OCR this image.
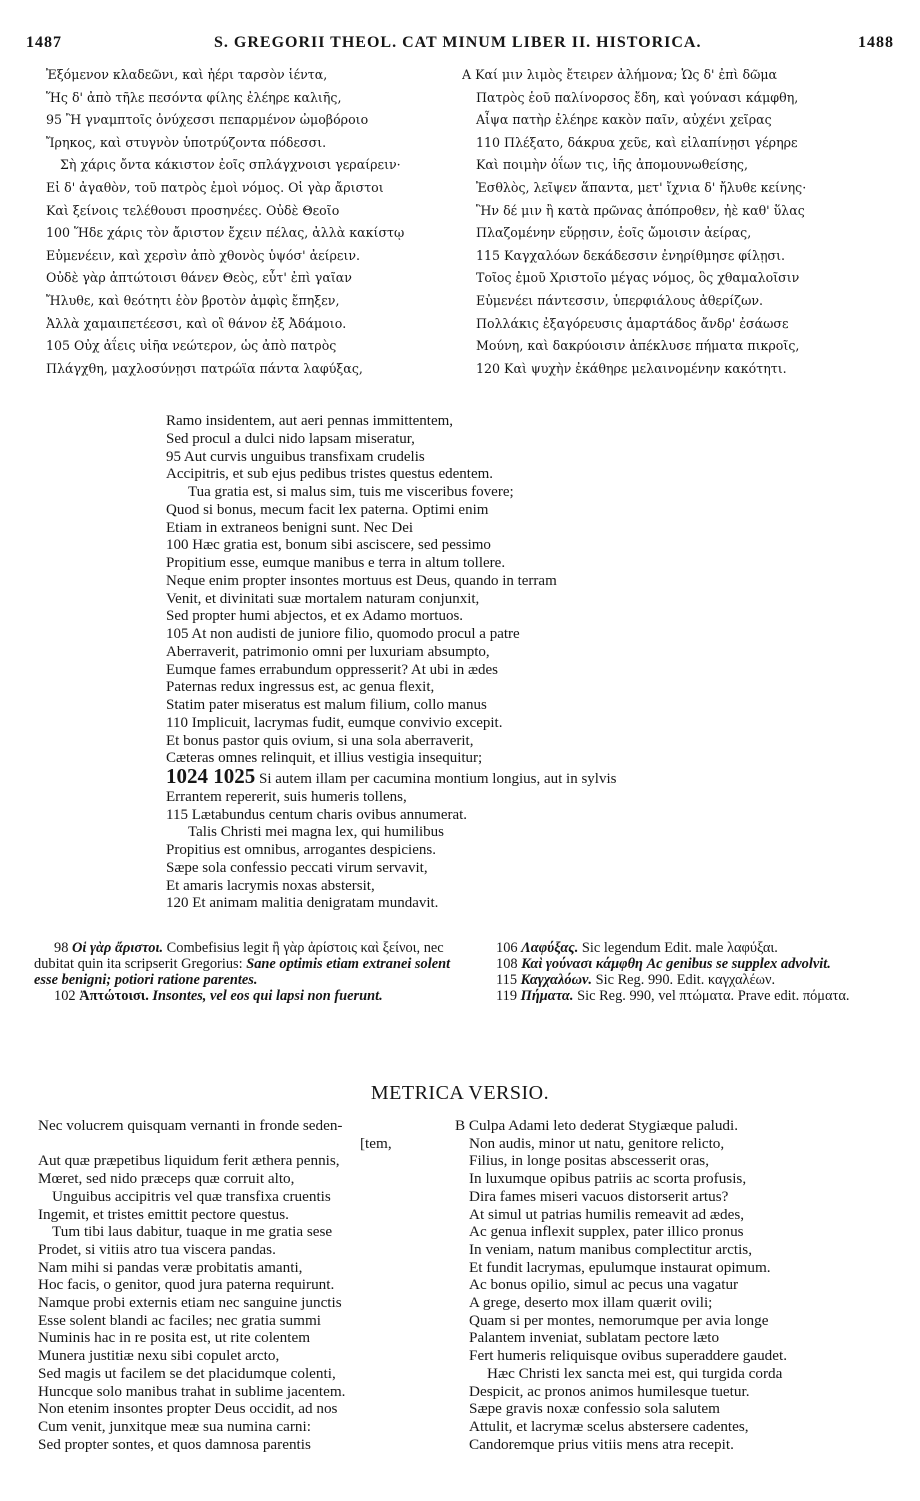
1487	S. GREGORII THEOL. CAT MINUM LIBER II. HISTORICA.	1488
Ἐξόμενον κλαδεῶνι, καὶ ἠέρι ταρσὸν ἱέντα,
Ἥς δ' ἀπὸ τῆλε πεσόντα φίλης ἐλέηρε καλιῆς,
95 Ἢ γναμπτοῖς ὀνύχεσσι πεπαρμένον ὠμοβόροιο
Ἴρηκος, καὶ στυγνὸν ὑποτρύζοντα πόδεσσι.
Σὴ χάρις ὄντα κάκιστον ἐοῖς σπλάγχνοισι γεραίρειν·
Εἰ δ' ἀγαθὸν, τοῦ πατρὸς ἐμοὶ νόμος. Οἱ γὰρ ἄριστοι
Καὶ ξείνοις τελέθουσι προσηνέες. Οὐδὲ Θεοῖο
100 Ἥδε χάρις τὸν ἄριστον ἔχειν πέλας, ἀλλὰ κακίστῳ
Εὐμενέειν, καὶ χερσὶν ἀπὸ χθονὸς ὑψόσ' ἀείρειν.
Οὐδὲ γὰρ ἀπτώτοισι θάνεν Θεὸς, εὖτ' ἐπὶ γαῖαν
Ἤλυθε, καὶ θεότητι ἑὸν βροτὸν ἀμφὶς ἔπηξεν,
Ἀλλὰ χαμαιπετέεσσι, καὶ οἳ θάνον ἐξ Ἀδάμοιο.
105 Οὐχ ἀΐεις υἱῆα νεώτερον, ὡς ἀπὸ πατρὸς
Πλάγχθη, μαχλοσύνῃσι πατρώϊα πάντα λαφύξας,
A Καί μιν λιμὸς ἔτειρεν ἀλήμονα; Ὡς δ' ἐπὶ δῶμα
Πατρὸς ἑοῦ παλίνορσος ἔδη, καὶ γούνασι κάμφθη,
Αἶψα πατὴρ ἐλέηρε κακὸν παῖν, αὐχένι χεῖρας
110 Πλέξατο, δάκρυα χεῦε, καὶ εἰλαπίνῃσι γέρηρε
Καὶ ποιμὴν ὀΐων τις, ἰῆς ἀπομουνωθείσης,
Ἐσθλὸς, λεῖψεν ἅπαντα, μετ' ἴχνια δ' ἤλυθε κείνης·
Ἣν δέ μιν ἢ κατὰ πρῶνας ἀπόπροθεν, ἠὲ καθ' ὕλας
Πλαζομένην εὕρῃσιν, ἑοῖς ὤμοισιν ἀείρας,
115 Καγχαλόων δεκάδεσσιν ἐνηρίθμησε φίλῃσι.
Τοῖος ἐμοῦ Χριστοῖο μέγας νόμος, ὃς χθαμαλοῖσιν
Εὐμενέει πάντεσσιν, ὑπερφιάλους ἀθερίζων.
Πολλάκις ἐξαγόρευσις ἁμαρτάδος ἄνδρ' ἐσάωσε
Μούνη, καὶ δακρύοισιν ἀπέκλυσε πήματα πικροῖς,
120 Καὶ ψυχὴν ἐκάθηρε μελαινομένην κακότητι.
Ramo insidentem, aut aeri pennas immittentem,
Sed procul a dulci nido lapsam miseratur,
95 Aut curvis unguibus transfixam crudelis
Accipitris, et sub ejus pedibus tristes questus edentem.
Tua gratia est, si malus sim, tuis me visceribus fovere;
Quod si bonus, mecum facit lex paterna. Optimi enim
Etiam in extraneos benigni sunt. Nec Dei
100 Hæc gratia est, bonum sibi asciscere, sed pessimo
Propitium esse, eumque manibus e terra in altum tollere.
Neque enim propter insontes mortuus est Deus, quando in terram
Venit, et divinitati suæ mortalem naturam conjunxit,
Sed propter humi abjectos, et ex Adamo mortuos.
105 At non audisti de juniore filio, quomodo procul a patre
Aberraverit, patrimonio omni per luxuriam absumpto,
Eumque fames errabundum oppresserit? At ubi in ædes
Paternas redux ingressus est, ac genua flexit,
Statim pater miseratus est malum filium, collo manus
110 Implicuit, lacrymas fudit, eumque convivio excepit.
Et bonus pastor quis ovium, si una sola aberraverit,
Cæteras omnes relinquit, et illius vestigia insequitur;
1024 1025 Si autem illam per cacumina montium longius, aut in sylvis
Errantem repererit, suis humeris tollens,
115 Lætabundus centum charis ovibus annumerat.
Talis Christi mei magna lex, qui humilibus
Propitius est omnibus, arrogantes despiciens.
Sæpe sola confessio peccati virum servavit,
Et amaris lacrymis noxas abstersit,
120 Et animam malitia denigratam mundavit.

98 Οἱ γὰρ ἄριστοι. Combefisius legit ἢ γὰρ ἀρίστοις καὶ ξείνοι, nec dubitat quin ita scripserit Gregorius: Sane optimis etiam extranei solent esse benigni; potiori ratione parentes.

102 Ἀπτώτοισι. Insontes, vel eos qui lapsi non fuerunt.

106 Λαφύξας. Sic legendum Edit. male λαφύξαι.

108 Καὶ γούνασι κάμφθη Ac genibus se supplex advolvit.

115 Καγχαλόων. Sic Reg. 990. Edit. καγχαλέων.

119 Πήματα. Sic Reg. 990, vel πτώματα. Prave edit. πόματα.

METRICA VERSIO.
Nec volucrem quisquam vernanti in fronde seden-
[tem,
Aut quæ præpetibus liquidum ferit æthera pennis,
Mœret, sed nido præceps quæ corruit alto,
Unguibus accipitris vel quæ transfixa cruentis
Ingemit, et tristes emittit pectore questus.
Tum tibi laus dabitur, tuaque in me gratia sese
Prodet, si vitiis atro tua viscera pandas.
Nam mihi si pandas veræ probitatis amanti,
Hoc facis, o genitor, quod jura paterna requirunt.
Namque probi externis etiam nec sanguine junctis
Esse solent blandi ac faciles; nec gratia summi
Numinis hac in re posita est, ut rite colentem
Munera justitiæ nexu sibi copulet arcto,
Sed magis ut facilem se det placidumque colenti,
Huncque solo manibus trahat in sublime jacentem.
Non etenim insontes propter Deus occidit, ad nos
Cum venit, junxitque meæ sua numina carni:
Sed propter sontes, et quos damnosa parentis
B Culpa Adami leto dederat Stygiæque paludi.
Non audis, minor ut natu, genitore relicto,
Filius, in longe positas abscesserit oras,
In luxumque opibus patriis ac scorta profusis,
Dira fames miseri vacuos distorserit artus?
At simul ut patrias humilis remeavit ad ædes,
Ac genua inflexit supplex, pater illico pronus
In veniam, natum manibus complectitur arctis,
Et fundit lacrymas, epulumque instaurat opimum.
Ac bonus opilio, simul ac pecus una vagatur
A grege, deserto mox illam quærit ovili;
Quam si per montes, nemorumque per avia longe
Palantem inveniat, sublatam pectore læto
Fert humeris reliquisque ovibus superaddere gaudet.
Hæc Christi lex sancta mei est, qui turgida corda
Despicit, ac pronos animos humilesque tuetur.
Sæpe gravis noxæ confessio sola salutem
Attulit, et lacrymæ scelus abstersere cadentes,
Candoremque prius vitiis mens atra recepit.
